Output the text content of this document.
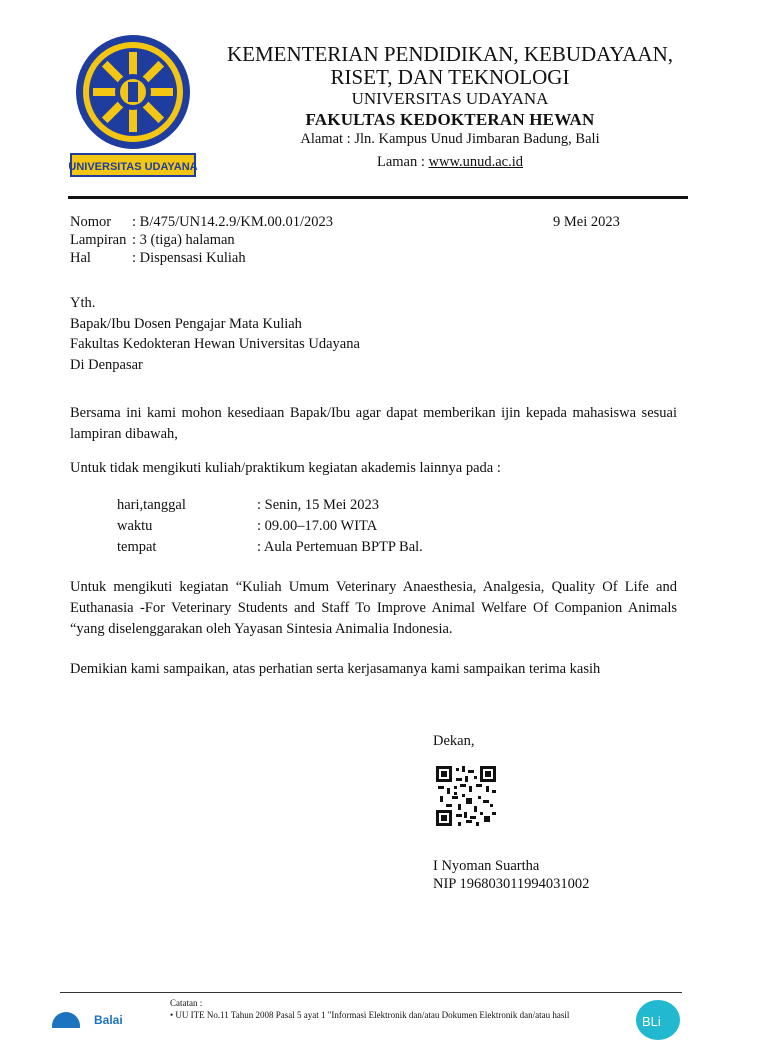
UNIVERSITAS UDAYANA
KEMENTERIAN PENDIDIKAN, KEBUDAYAAN,
RISET, DAN TEKNOLOGI
UNIVERSITAS UDAYANA
FAKULTAS KEDOKTERAN HEWAN
Alamat : Jln. Kampus Unud Jimbaran Badung, Bali
Laman : www.unud.ac.id
Nomor : B/475/UN14.2.9/KM.00.01/2023	9 Mei 2023
Lampiran : 3 (tiga) halaman
Hal	: Dispensasi Kuliah
Yth.
Bapak/Ibu Dosen Pengajar Mata Kuliah
Fakultas Kedokteran Hewan Universitas Udayana
Di Denpasar
Bersama ini kami mohon kesediaan Bapak/Ibu agar dapat memberikan ijin kepada mahasiswa sesuai lampiran dibawah,
Untuk tidak mengikuti kuliah/praktikum kegiatan akademis lainnya pada :
hari,tanggal	: Senin, 15 Mei 2023
waktu	: 09.00–17.00 WITA
tempat	: Aula Pertemuan BPTP Bal.
Untuk mengikuti kegiatan “Kuliah Umum Veterinary Anaesthesia, Analgesia, Quality Of Life and Euthanasia -For Veterinary Students and Staff To Improve Animal Welfare Of Companion Animals “yang diselenggarakan oleh Yayasan Sintesia Animalia Indonesia.
Demikian kami sampaikan, atas perhatian serta kerjasamanya kami sampaikan terima kasih
Dekan,
I Nyoman Suartha
NIP 196803011994031002
Catatan :
• UU ITE No.11 Tahun 2008 Pasal 5 ayat 1 "Informasi Elektronik dan/atau Dokumen Elektronik dan/atau hasil
Balai	BLi
